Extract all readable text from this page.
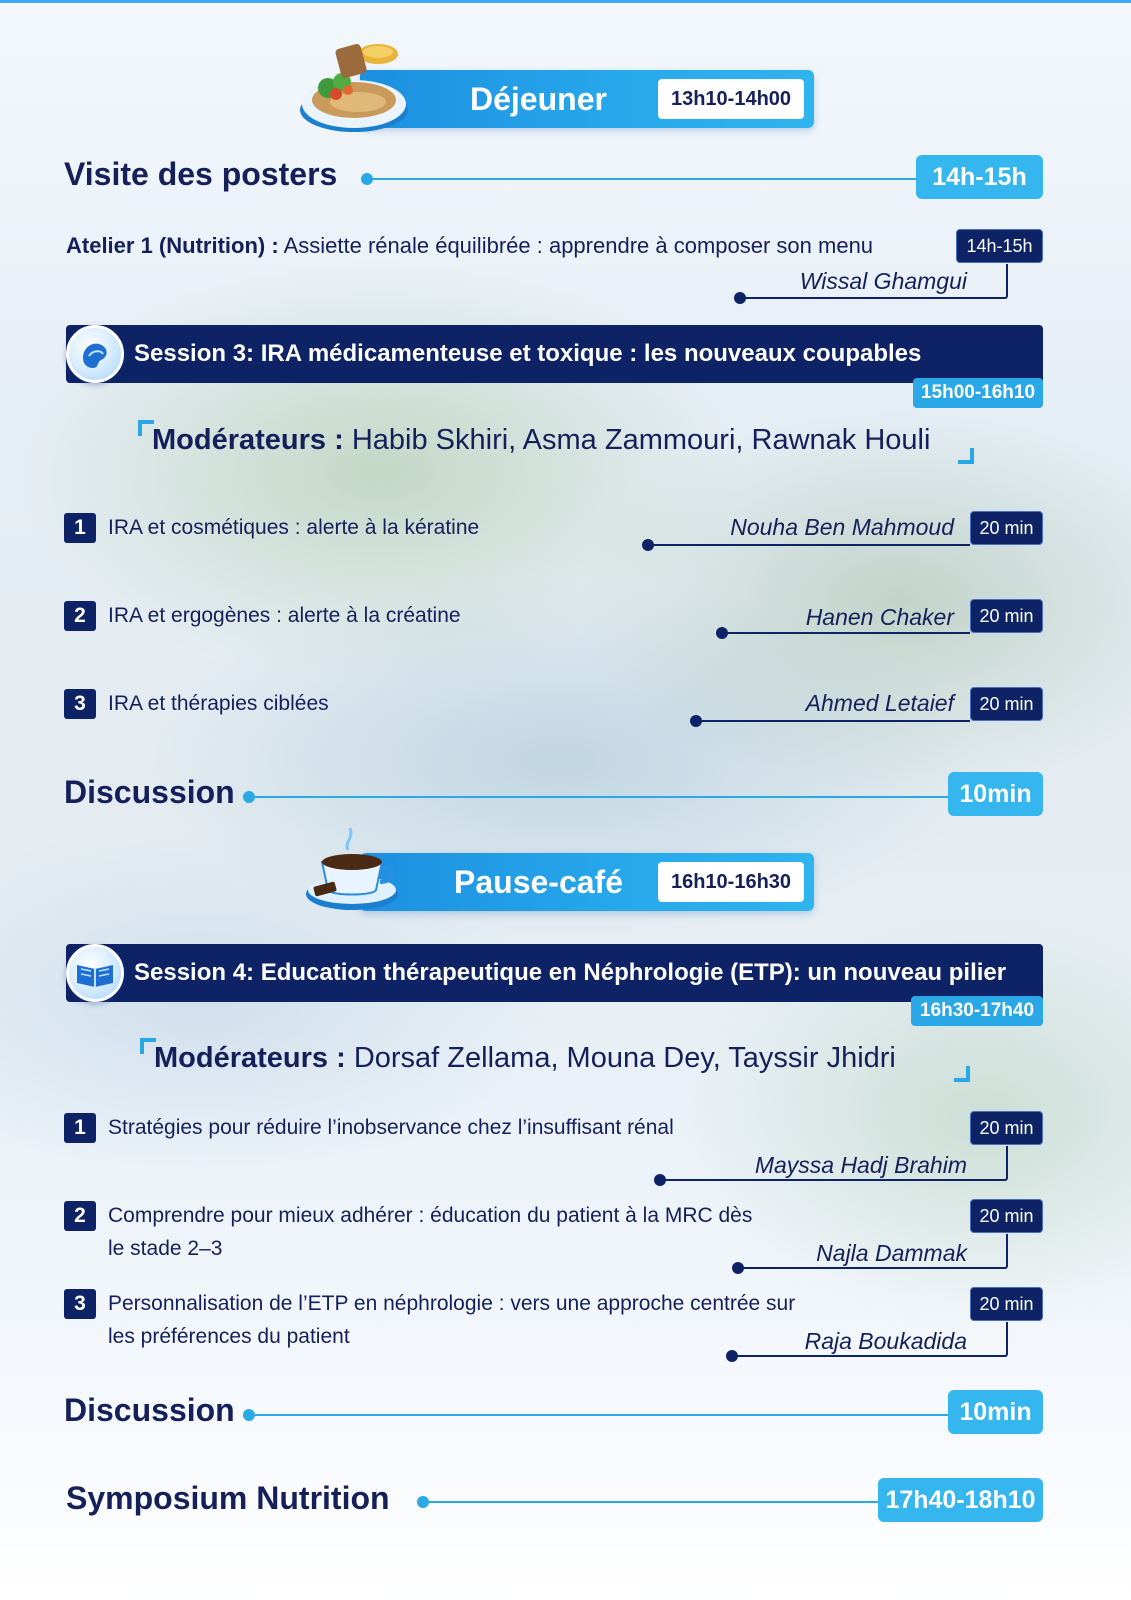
Déjeuner	13h10-14h00
Visite des posters	14h-15h
Atelier 1 (Nutrition) : Assiette rénale équilibrée : apprendre à composer son menu	14h-15h
Wissal Ghamgui
Session 3: IRA médicamenteuse et toxique : les nouveaux coupables
15h00-16h10
Modérateurs : Habib Skhiri, Asma Zammouri, Rawnak Houli
1	IRA et cosmétiques : alerte à la kératine	Nouha Ben Mahmoud	20 min
2	IRA et ergogènes : alerte à la créatine	Hanen Chaker	20 min
3	IRA et thérapies ciblées	Ahmed Letaief	20 min
Discussion	10min
Pause-café	16h10-16h30
Session 4: Education thérapeutique en Néphrologie (ETP): un nouveau pilier
16h30-17h40
Modérateurs : Dorsaf Zellama, Mouna Dey, Tayssir Jhidri
1	Stratégies pour réduire l’inobservance chez l’insuffisant rénal	20 min
Mayssa Hadj Brahim
2	Comprendre pour mieux adhérer : éducation du patient à la MRC dès
le stade 2–3
20 min
Najla Dammak
3	Personnalisation de l’ETP en néphrologie : vers une approche centrée sur
les préférences du patient
20 min
Raja Boukadida
Discussion	10min
Symposium Nutrition	17h40-18h10
